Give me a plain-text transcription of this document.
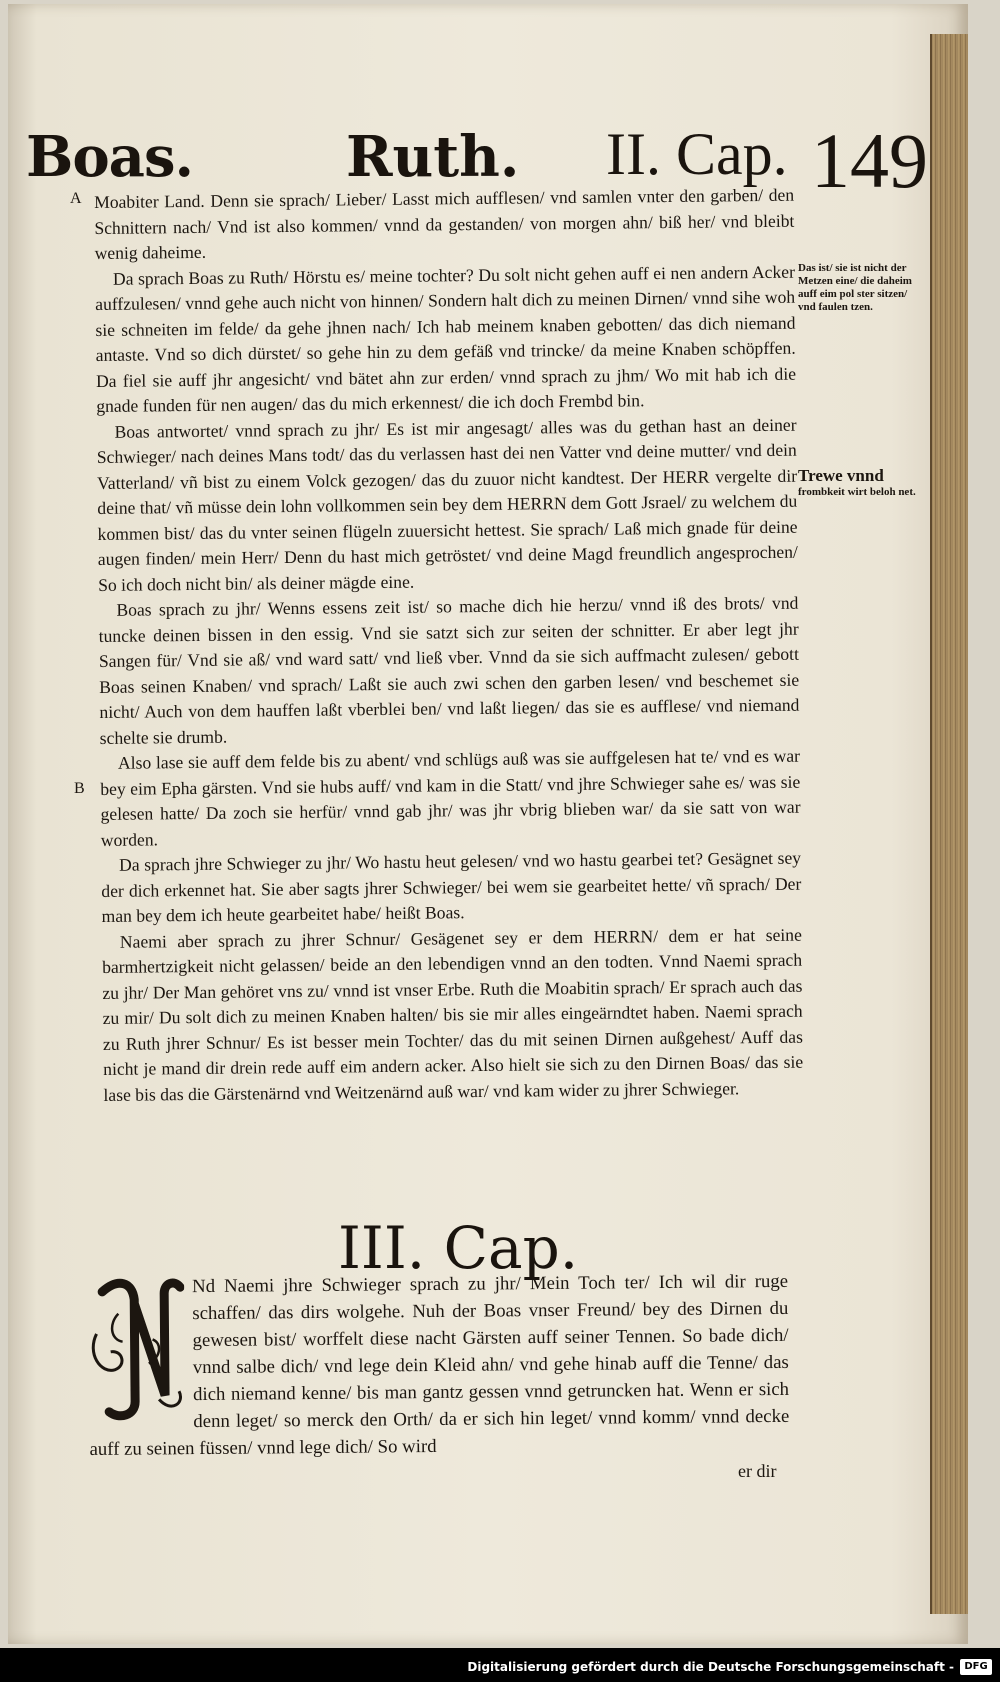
Boas.	Ruth. II. Cap. 149
A
B

Moabiter Land. Denn sie sprach/ Lieber/ Lasst mich aufflesen/ vnd samlen vnter den garben/ den Schnittern nach/ Vnd ist also kommen/ vnnd da gestanden/ von morgen ahn/ biß her/ vnd bleibt wenig daheime.

Da sprach Boas zu Ruth/ Hörstu es/ meine tochter? Du solt nicht gehen auff ei nen andern Acker auffzulesen/ vnnd gehe auch nicht von hinnen/ Sondern halt dich zu meinen Dirnen/ vnnd sihe woh sie schneiten im felde/ da gehe jhnen nach/ Ich hab meinem knaben gebotten/ das dich niemand antaste. Vnd so dich dürstet/ so gehe hin zu dem gefäß vnd trincke/ da meine Knaben schöpffen. Da fiel sie auff jhr angesicht/ vnd bätet ahn zur erden/ vnnd sprach zu jhm/ Wo mit hab ich die gnade funden für nen augen/ das du mich erkennest/ die ich doch Frembd bin.

Boas antwortet/ vnnd sprach zu jhr/ Es ist mir angesagt/ alles was du gethan hast an deiner Schwieger/ nach deines Mans todt/ das du verlassen hast dei nen Vatter vnd deine mutter/ vnd dein Vatterland/ vñ bist zu einem Volck gezogen/ das du zuuor nicht kandtest. Der HERR vergelte dir deine that/ vñ müsse dein lohn vollkommen sein bey dem HERRN dem Gott Jsrael/ zu welchem du kommen bist/ das du vnter seinen flügeln zuuersicht hettest. Sie sprach/ Laß mich gnade für deine augen finden/ mein Herr/ Denn du hast mich getröstet/ vnd deine Magd freundlich angesprochen/ So ich doch nicht bin/ als deiner mägde eine.

Boas sprach zu jhr/ Wenns essens zeit ist/ so mache dich hie herzu/ vnnd iß des brots/ vnd tuncke deinen bissen in den essig. Vnd sie satzt sich zur seiten der schnitter. Er aber legt jhr Sangen für/ Vnd sie aß/ vnd ward satt/ vnd ließ vber. Vnnd da sie sich auffmacht zulesen/ gebott Boas seinen Knaben/ vnd sprach/ Laßt sie auch zwi schen den garben lesen/ vnd beschemet sie nicht/ Auch von dem hauffen laßt vberblei ben/ vnd laßt liegen/ das sie es aufflese/ vnd niemand schelte sie drumb.

Also lase sie auff dem felde bis zu abent/ vnd schlügs auß was sie auffgelesen hat te/ vnd es war bey eim Epha gärsten. Vnd sie hubs auff/ vnd kam in die Statt/ vnd jhre Schwieger sahe es/ was sie gelesen hatte/ Da zoch sie herfür/ vnnd gab jhr/ was jhr vbrig blieben war/ da sie satt von war worden.

Da sprach jhre Schwieger zu jhr/ Wo hastu heut gelesen/ vnd wo hastu gearbei tet? Gesägnet sey der dich erkennet hat. Sie aber sagts jhrer Schwieger/ bei wem sie gearbeitet hette/ vñ sprach/ Der man bey dem ich heute gearbeitet habe/ heißt Boas.

Naemi aber sprach zu jhrer Schnur/ Gesägenet sey er dem HERRN/ dem er hat seine barmhertzigkeit nicht gelassen/ beide an den lebendigen vnnd an den todten. Vnnd Naemi sprach zu jhr/ Der Man gehöret vns zu/ vnnd ist vnser Erbe. Ruth die Moabitin sprach/ Er sprach auch das zu mir/ Du solt dich zu meinen Knaben halten/ bis sie mir alles eingeärndtet haben. Naemi sprach zu Ruth jhrer Schnur/ Es ist besser mein Tochter/ das du mit seinen Dirnen außgehest/ Auff das nicht je mand dir drein rede auff eim andern acker. Also hielt sie sich zu den Dirnen Boas/ das sie lase bis das die Gärstenärnd vnd Weitzenärnd auß war/ vnd kam wider zu jhrer Schwieger.

Das ist/ sie ist nicht der Metzen eine/ die daheim auff eim pol ster sitzen/ vnd faulen tzen.
Trewe vnnd
frombkeit wirt beloh net.
III. Cap.

Nd Naemi jhre Schwieger sprach zu jhr/ Mein Toch ter/ Ich wil dir ruge schaffen/ das dirs wolgehe. Nuh der Boas vnser Freund/ bey des Dirnen du gewesen bist/ worffelt diese nacht Gärsten auff seiner Tennen. So bade dich/ vnnd salbe dich/ vnd lege dein Kleid ahn/ vnd gehe hinab auff die Tenne/ das dich niemand kenne/ bis man gantz gessen vnnd getruncken hat. Wenn er sich denn leget/ so merck den Orth/ da er sich hin leget/ vnnd komm/ vnnd decke auff zu seinen füssen/ vnnd lege dich/ So wird

er dir
Digitalisierung gefördert durch die Deutsche Forschungsgemeinschaft -	DFG
